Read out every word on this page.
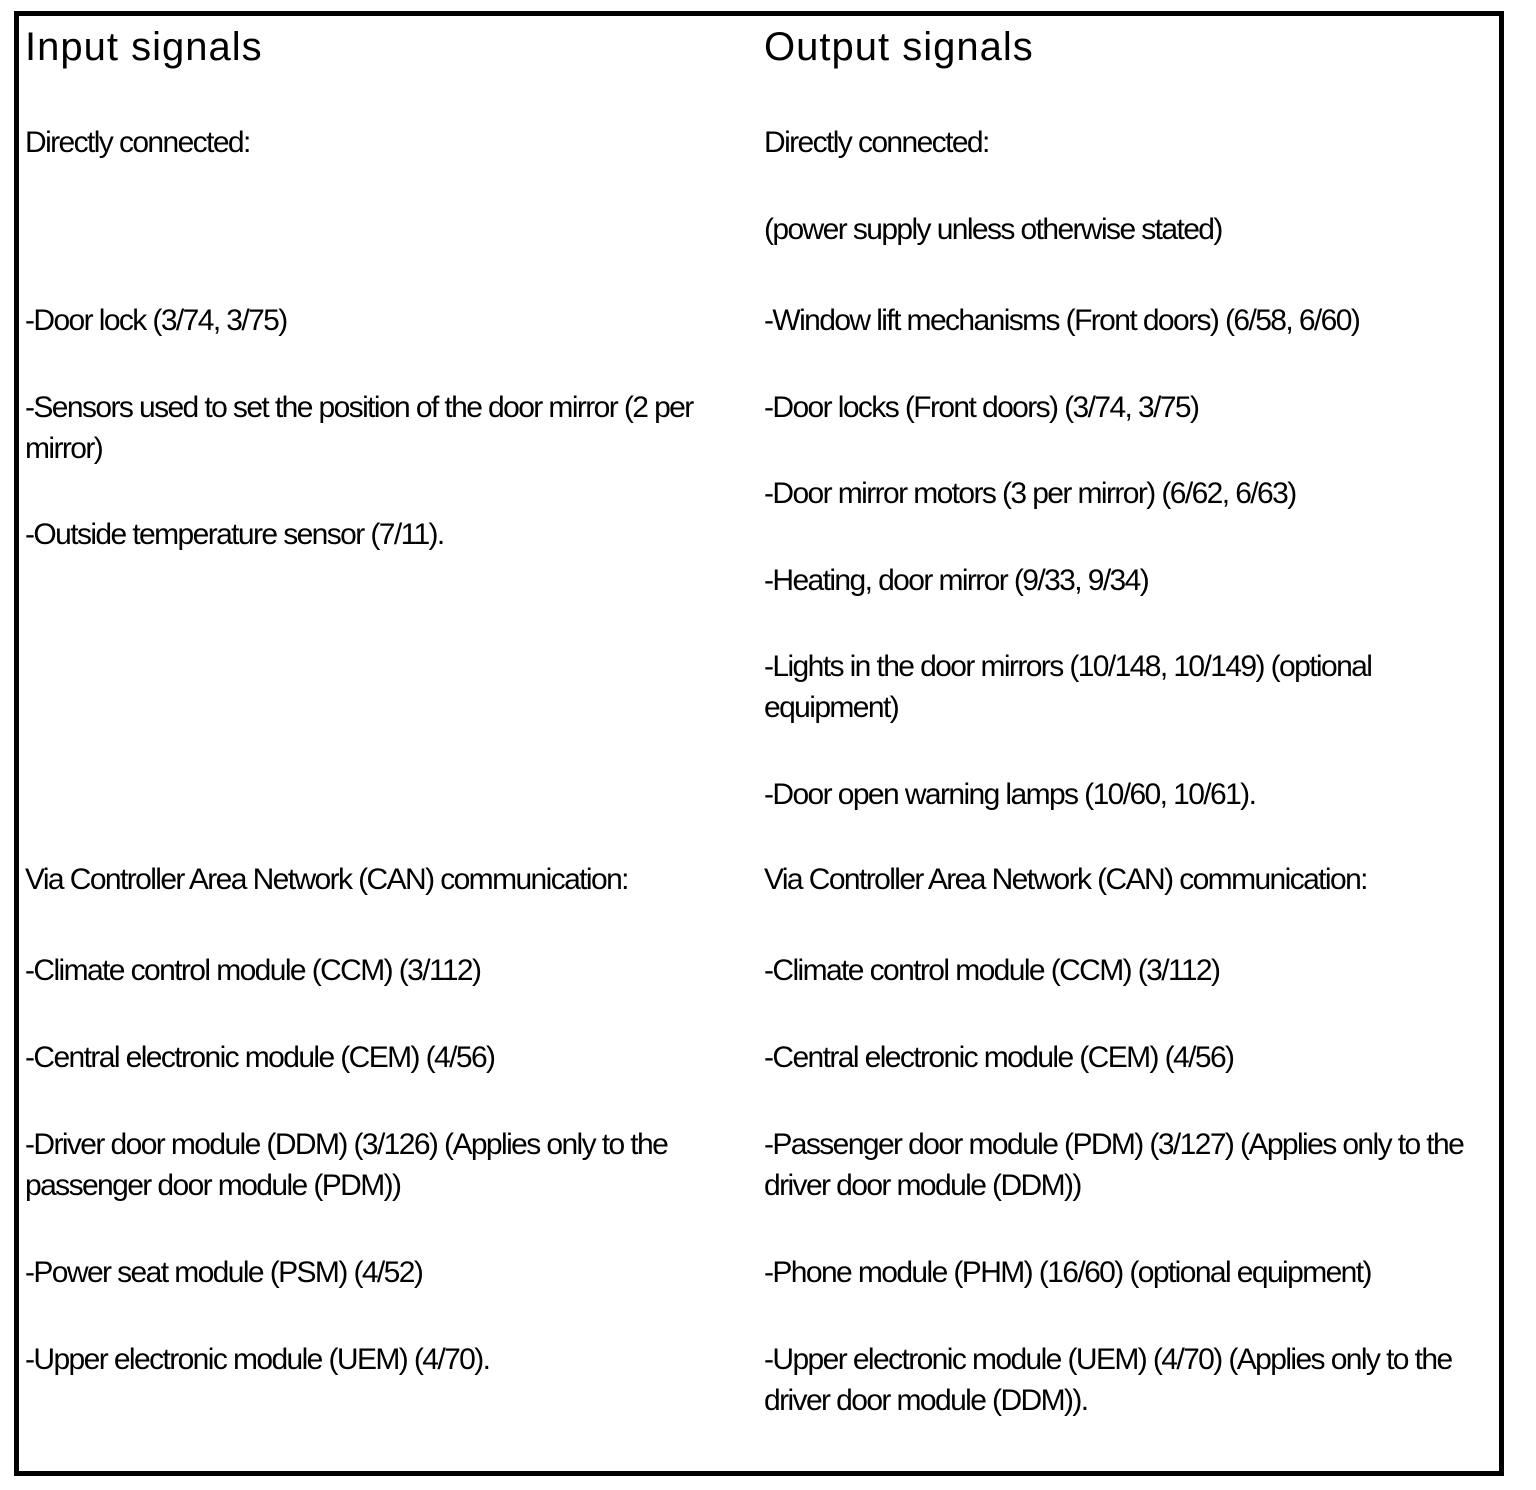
Input signals

Directly connected:

-Door lock (3/74, 3/75)

-Sensors used to set the position of the door mirror (2 per mirror)

-Outside temperature sensor (7/11).

Via Controller Area Network (CAN) communication:

-Climate control module (CCM) (3/112)

-Central electronic module (CEM) (4/56)

-Driver door module (DDM) (3/126) (Applies only to the passenger door module (PDM))

-Power seat module (PSM) (4/52)

-Upper electronic module (UEM) (4/70).

Output signals

Directly connected:

(power supply unless otherwise stated)

-Window lift mechanisms (Front doors) (6/58, 6/60)

-Door locks (Front doors) (3/74, 3/75)

-Door mirror motors (3 per mirror) (6/62, 6/63)

-Heating, door mirror (9/33, 9/34)

-Lights in the door mirrors (10/148, 10/149) (optional equipment)

-Door open warning lamps (10/60, 10/61).

Via Controller Area Network (CAN) communication:

-Climate control module (CCM) (3/112)

-Central electronic module (CEM) (4/56)

-Passenger door module (PDM) (3/127) (Applies only to the driver door module (DDM))

-Phone module (PHM) (16/60) (optional equipment)

-Upper electronic module (UEM) (4/70) (Applies only to the driver door module (DDM)).
